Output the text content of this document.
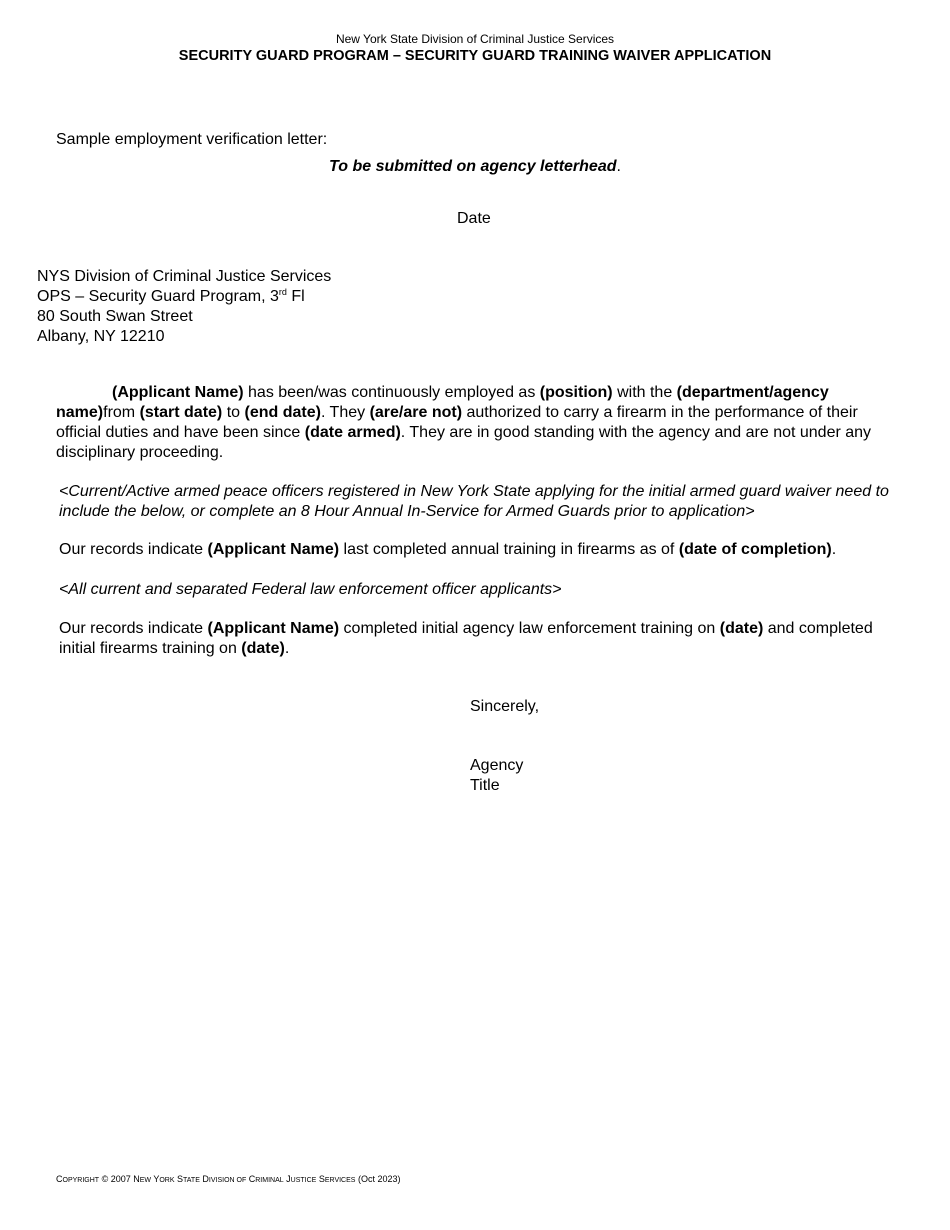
New York State Division of Criminal Justice Services
SECURITY GUARD PROGRAM – SECURITY GUARD TRAINING WAIVER APPLICATION
Sample employment verification letter:
To be submitted on agency letterhead.
Date
NYS Division of Criminal Justice Services
OPS – Security Guard Program, 3rd Fl
80 South Swan Street
Albany, NY 12210
(Applicant Name) has been/was continuously employed as (position) with the (department/agency name)from (start date) to (end date). They (are/are not) authorized to carry a firearm in the performance of their official duties and have been since (date armed). They are in good standing with the agency and are not under any disciplinary proceeding.
<Current/Active armed peace officers registered in New York State applying for the initial armed guard waiver need to include the below, or complete an 8 Hour Annual In-Service for Armed Guards prior to application>
Our records indicate (Applicant Name) last completed annual training in firearms as of (date of completion).
<All current and separated Federal law enforcement officer applicants>
Our records indicate (Applicant Name) completed initial agency law enforcement training on (date) and completed initial firearms training on (date).
Sincerely,
Agency
Title
COPYRIGHT © 2007 NEW YORK STATE DIVISION OF CRIMINAL JUSTICE SERVICES (Oct 2023)
